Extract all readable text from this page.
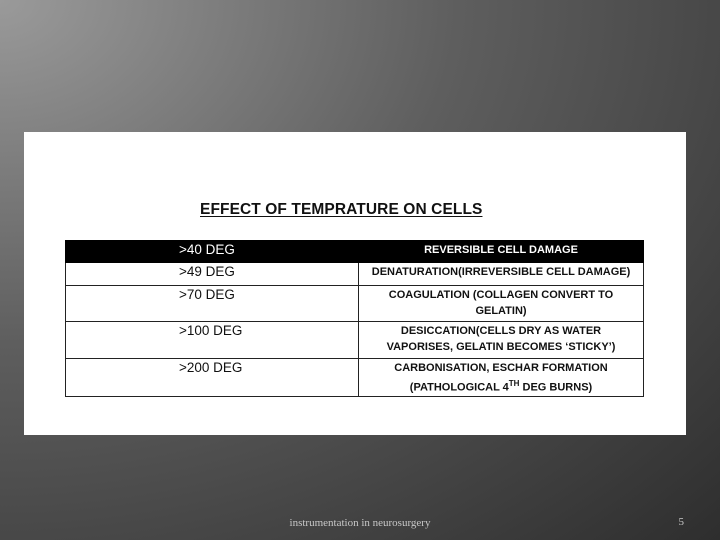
EFFECT OF TEMPRATURE ON CELLS
>40 DEG	REVERSIBLE CELL DAMAGE
>49 DEG	DENATURATION(IRREVERSIBLE CELL DAMAGE)
>70 DEG	COAGULATION (COLLAGEN CONVERT TO
GELATIN)

>100 DEG	DESICCATION(CELLS DRY AS WATER
VAPORISES, GELATIN BECOMES ‘STICKY’)

>200 DEG	CARBONISATION, ESCHAR FORMATION
(PATHOLOGICAL 4TH DEG BURNS)
instrumentation in neurosurgery	5
